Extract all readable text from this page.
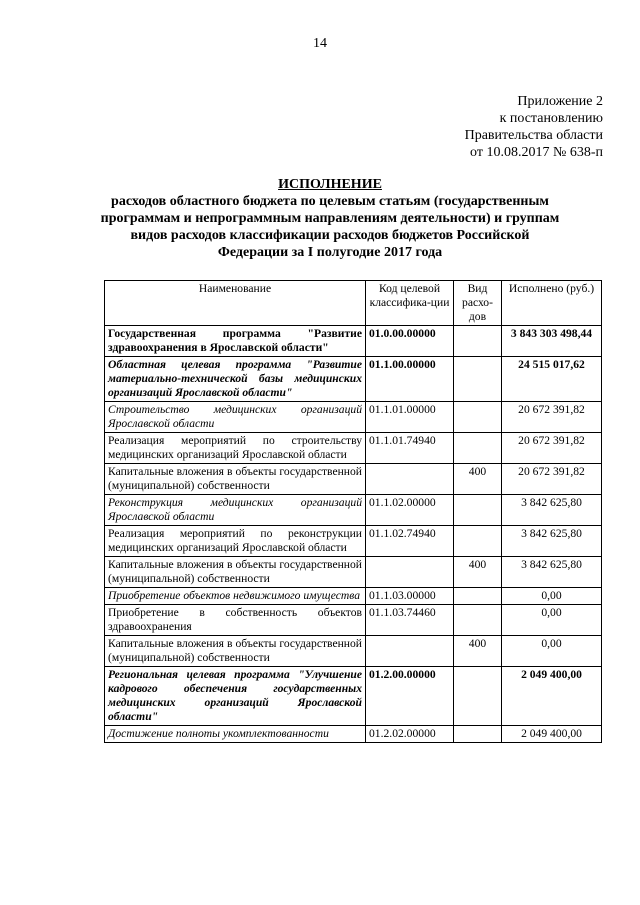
14
Приложение 2
к постановлению
Правительства области
от 10.08.2017 № 638-п
ИСПОЛНЕНИЕ
расходов областного бюджета по целевым статьям (государственным
программам и непрограммным направлениям деятельности) и группам
видов расходов классификации расходов бюджетов Российской
Федерации за I полугодие 2017 года
Наименование	Код целевой классифика-ции	Вид расхо-дов	Исполнено (руб.)
Государственная программа "Развитие здравоохранения в Ярославской области"	01.0.00.00000		3 843 303 498,44
Областная целевая программа "Развитие материально-технической базы медицинских организаций Ярославской области"	01.1.00.00000		24 515 017,62
Строительство медицинских организаций Ярославской области	01.1.01.00000		20 672 391,82
Реализация мероприятий по строительству медицинских организаций Ярославской области	01.1.01.74940		20 672 391,82
Капитальные вложения в объекты государственной (муниципальной) собственности		400	20 672 391,82
Реконструкция медицинских организаций Ярославской области	01.1.02.00000		3 842 625,80
Реализация мероприятий по реконструкции медицинских организаций Ярославской области	01.1.02.74940		3 842 625,80
Капитальные вложения в объекты государственной (муниципальной) собственности		400	3 842 625,80
Приобретение объектов недвижимого имущества	01.1.03.00000		0,00
Приобретение в собственность объектов здравоохранения	01.1.03.74460		0,00
Капитальные вложения в объекты государственной (муниципальной) собственности		400	0,00
Региональная целевая программа "Улучшение кадрового обеспечения государственных медицинских организаций Ярославской области"	01.2.00.00000		2 049 400,00
Достижение полноты укомплектованности	01.2.02.00000		2 049 400,00
